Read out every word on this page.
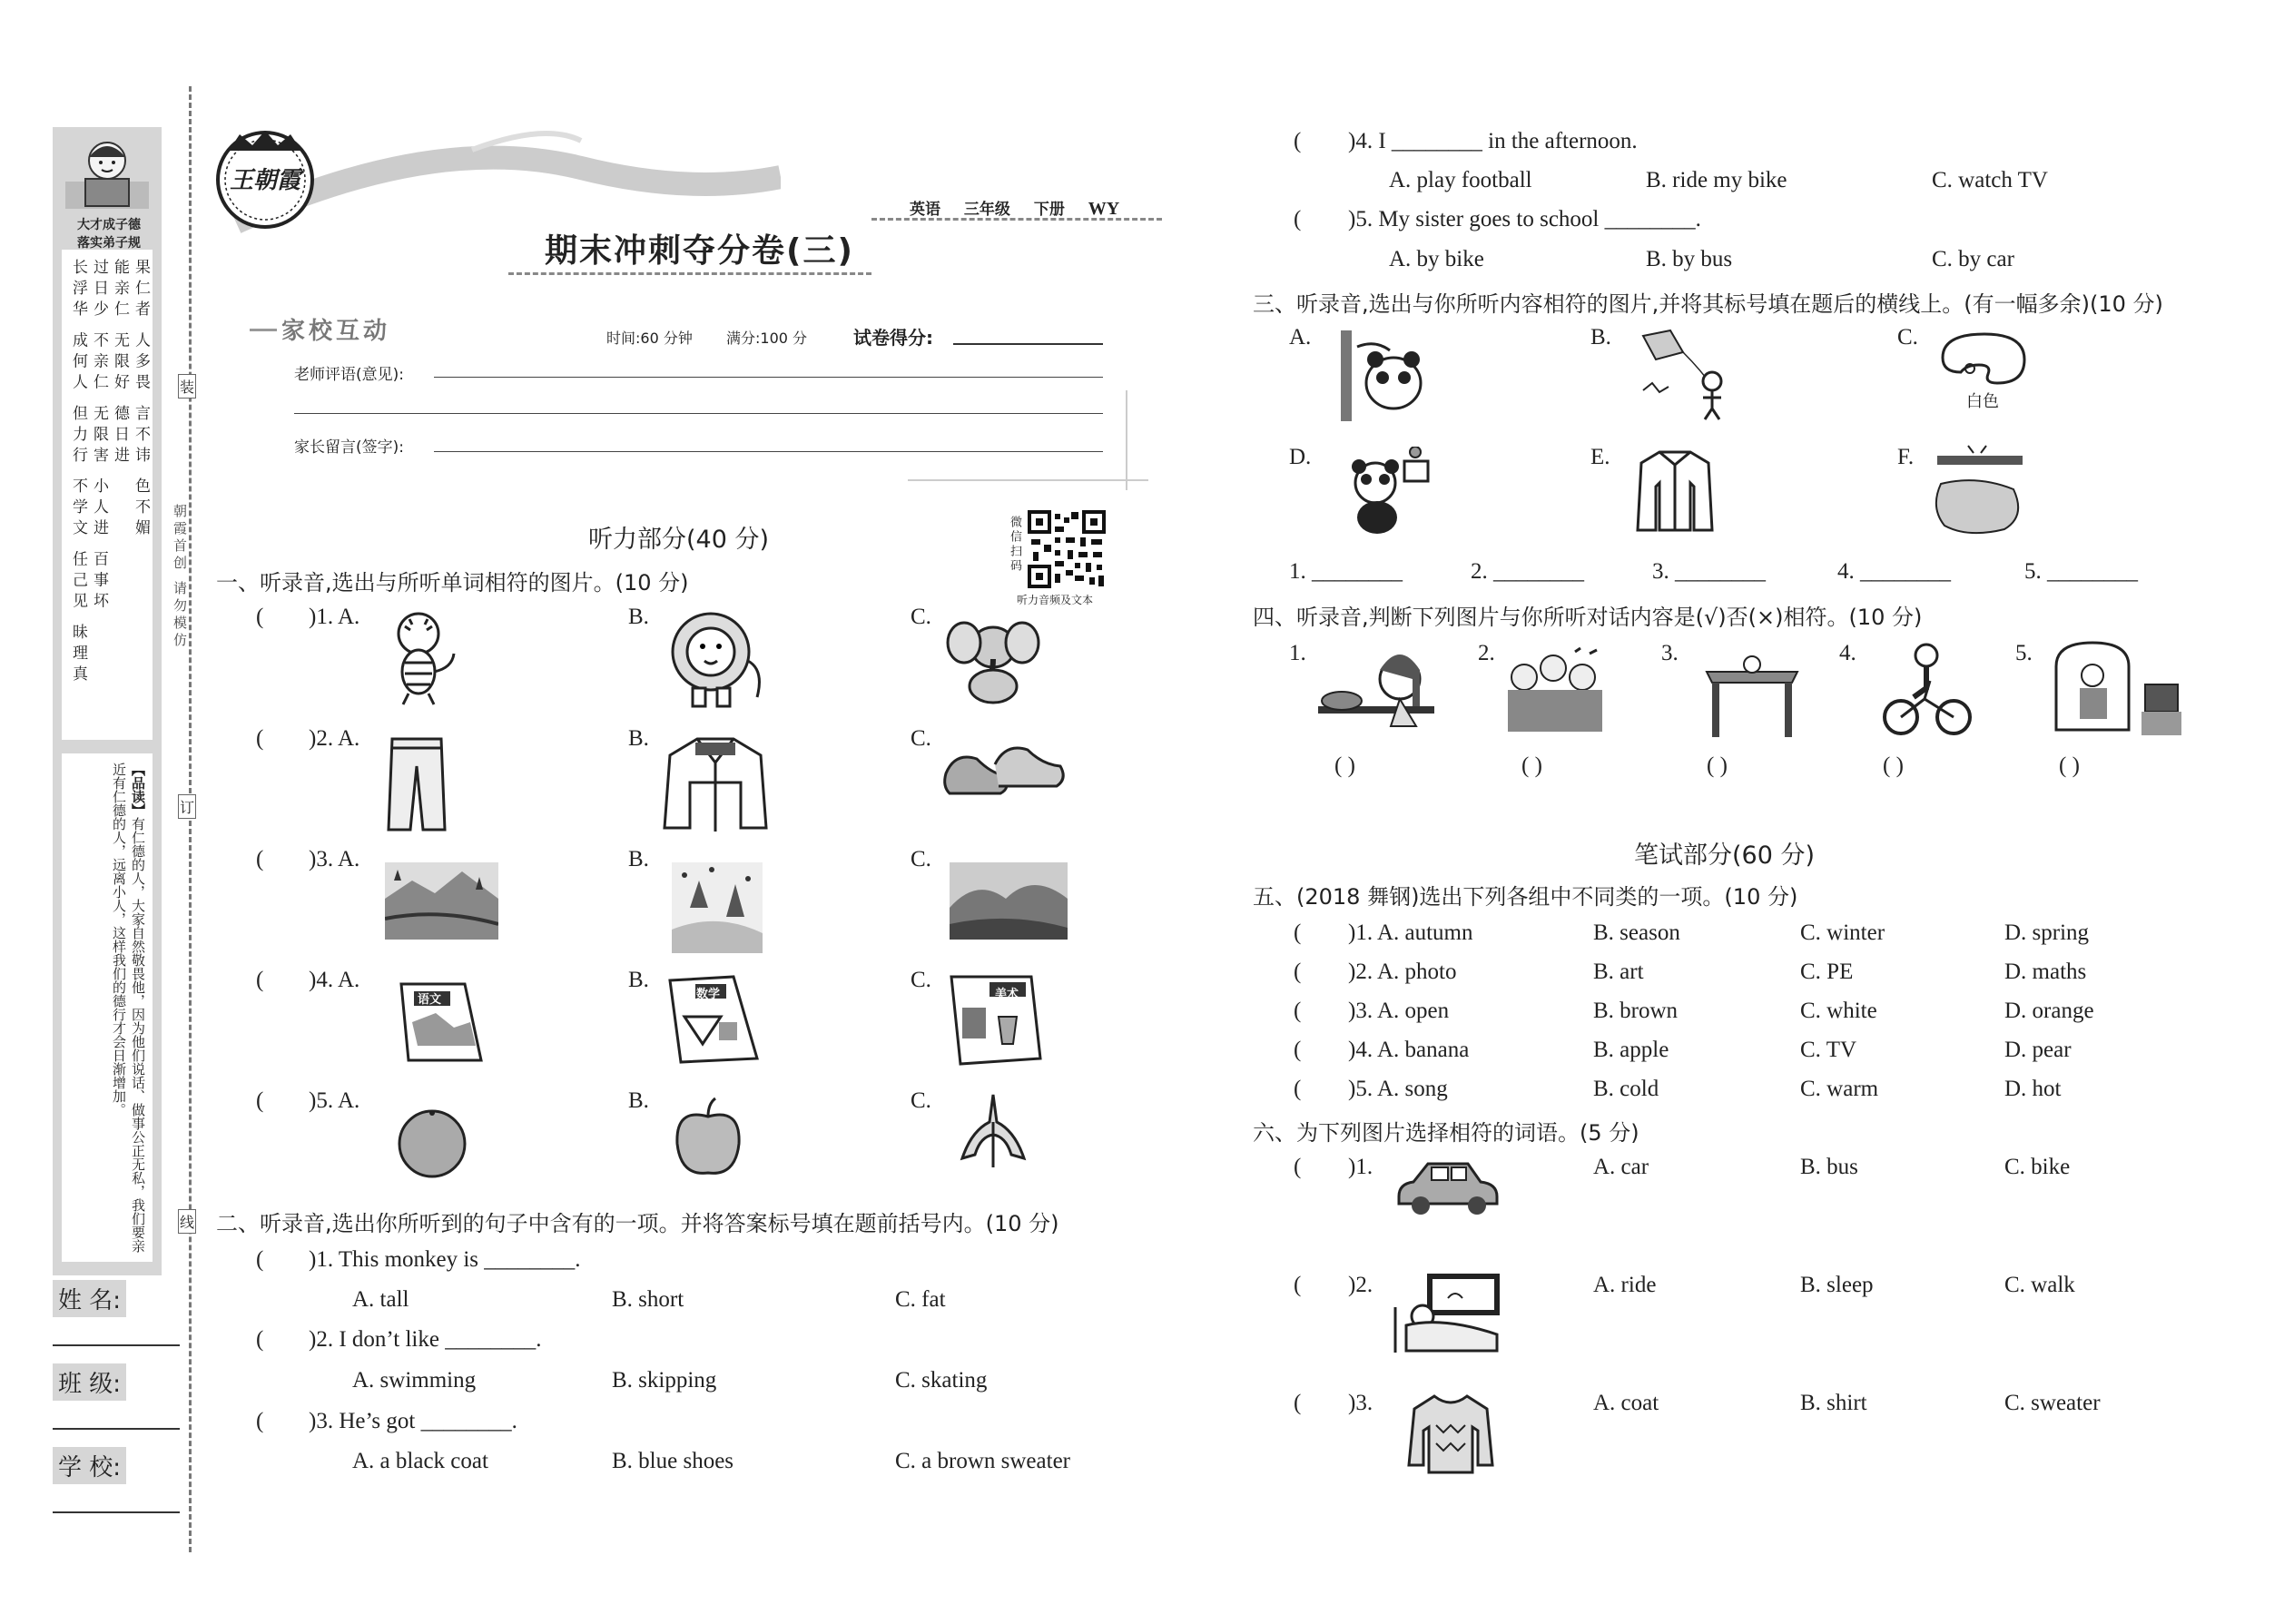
大才成子德
落实弟子规
果仁者 人多畏 言不讳 色不媚
能亲仁 无限好 德日进
过日少 不亲仁 无限害 小人进 百事坏
长浮华 成何人 但力行 不学文 任己见 昧理真
【品读】有仁德的人，大家自然敬畏他，因为他们说话、做事公正无私，我们要亲近有仁德的人，远离小人，这样我们的德行才会日渐增加。
姓 名:
班 级:
学 校:
装
订
线
朝霞首创 请勿模仿
王朝霞
期末冲刺夺分卷(三)
英语 三年级 下册 WY
家校互动	时间:60 分钟 满分:100 分	试卷得分:
老师评语(意见):
家长留言(签字):
微信扫码
听力音频及文本
听力部分(40 分)
一、听录音,选出与所听单词相符的图片。(10 分)
( )1. A.	B.	C.
( )2. A.	B.	C.
( )3. A.	B.	C.
( )4. A.	B.	C.
语文	数学	美术
( )5. A.	B.	C.
二、听录音,选出你所听到的句子中含有的一项。并将答案标号填在题前括号内。(10 分)
( )1. This monkey is ________.
A. tall	B. short	C. fat
( )2. I don’t like ________.
A. swimming	B. skipping	C. skating
( )3. He’s got ________.
A. a black coat	B. blue shoes	C. a brown sweater
( )4. I ________ in the afternoon.
A. play football	B. ride my bike	C. watch TV
( )5. My sister goes to school ________.
A. by bike	B. by bus	C. by car
三、听录音,选出与你所听内容相符的图片,并将其标号填在题后的横线上。(有一幅多余)(10 分)
A.	B.	C.
D.	E.	F.
白色
1. ________	2. ________	3. ________	4. ________	5. ________
四、听录音,判断下列图片与你所听对话内容是(√)否(×)相符。(10 分)
1.	2.	3.	4.	5.
( )	( )	( )	( )	( )
笔试部分(60 分)
五、(2018 舞钢)选出下列各组中不同类的一项。(10 分)
( )1. A. autumn	B. season	C. winter	D. spring
( )2. A. photo	B. art	C. PE	D. maths
( )3. A. open	B. brown	C. white	D. orange
( )4. A. banana	B. apple	C. TV	D. pear
( )5. A. song	B. cold	C. warm	D. hot
六、为下列图片选择相符的词语。(5 分)
( )1.	A. car	B. bus	C. bike
( )2.	A. ride	B. sleep	C. walk
( )3.	A. coat	B. shirt	C. sweater
